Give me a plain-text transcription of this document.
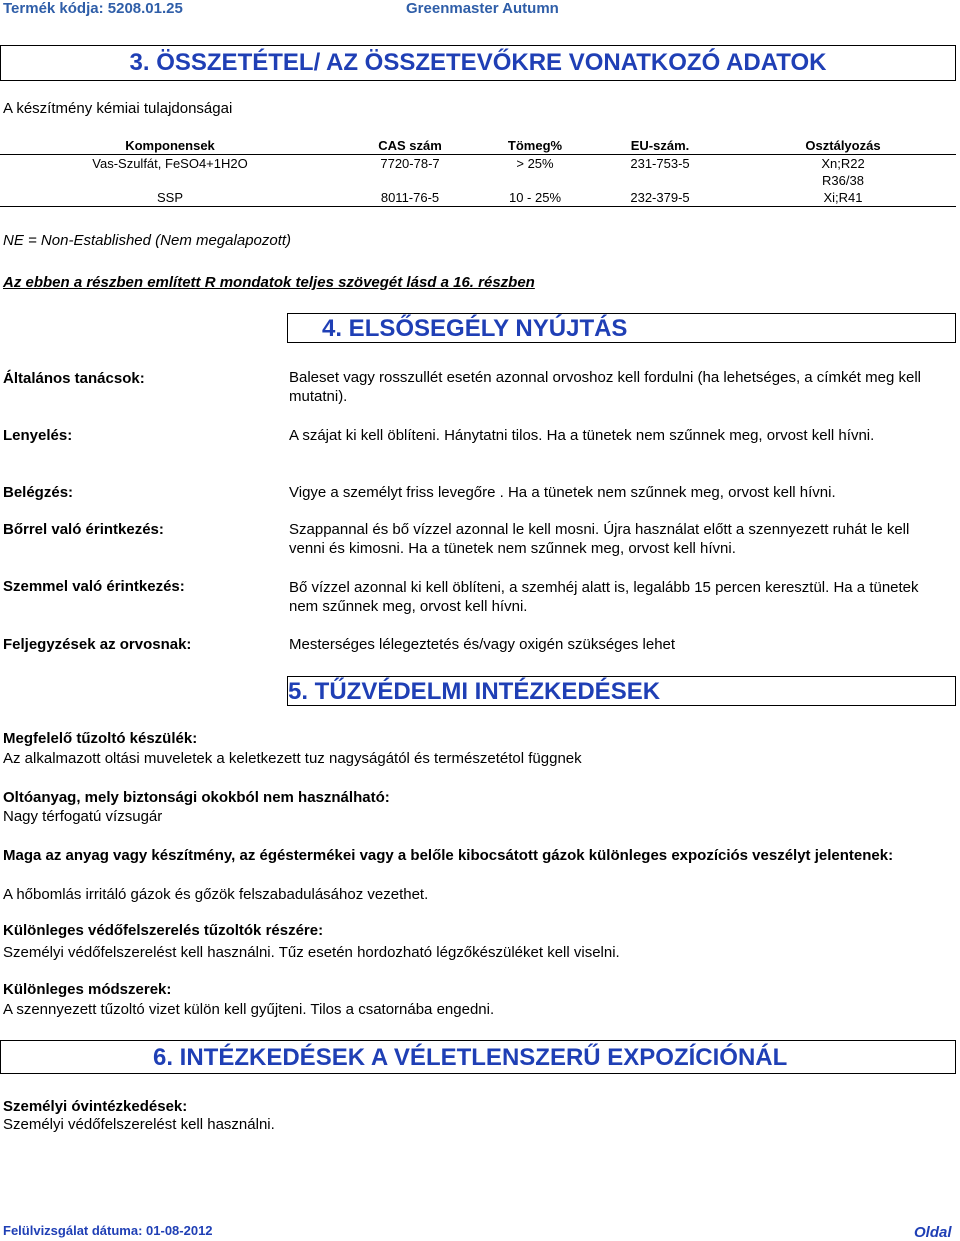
Termék kódja: 5208.01.25	Greenmaster Autumn
3. ÖSSZETÉTEL/ AZ ÖSSZETEVŐKRE VONATKOZÓ ADATOK
A készítmény kémiai tulajdonságai
Komponensek	CAS szám	Tömeg%	EU-szám.	Osztályozás
Vas-Szulfát, FeSO4+1H2O	7720-78-7	> 25%	231-753-5	Xn;R22
				R36/38
SSP	8011-76-5	10 - 25%	232-379-5	Xi;R41
NE = Non-Established (Nem megalapozott)
Az ebben a részben említett R mondatok teljes szövegét lásd a 16. részben
4. ELSŐSEGÉLY NYÚJTÁS
Általános tanácsok:	Baleset vagy rosszullét esetén azonnal orvoshoz kell fordulni (ha lehetséges, a címkét meg kell mutatni).
Lenyelés:	A szájat ki kell öblíteni. Hánytatni tilos. Ha a tünetek nem szűnnek meg, orvost kell hívni.
Belégzés:	Vigye a személyt friss levegőre . Ha a tünetek nem szűnnek meg, orvost kell hívni.
Bőrrel való érintkezés:	Szappannal és bő vízzel azonnal le kell mosni. Újra használat előtt a szennyezett ruhát le kell venni és kimosni. Ha a tünetek nem szűnnek meg, orvost kell hívni.
Szemmel való érintkezés:	Bő vízzel azonnal ki kell öblíteni, a szemhéj alatt is, legalább 15 percen keresztül. Ha a tünetek nem szűnnek meg, orvost kell hívni.
Feljegyzések az orvosnak:	Mesterséges lélegeztetés és/vagy oxigén szükséges lehet
5. TŰZVÉDELMI INTÉZKEDÉSEK
Megfelelő tűzoltó készülék:
Az alkalmazott oltási muveletek a keletkezett tuz nagyságától és természetétol függnek
Oltóanyag, mely biztonsági okokból nem használható:
Nagy térfogatú vízsugár
Maga az anyag vagy készítmény, az égéstermékei vagy a belőle kibocsátott gázok különleges expozíciós veszélyt jelentenek:
A hőbomlás irritáló gázok és gőzök felszabadulásához vezethet.
Különleges védőfelszerelés tűzoltók részére:
Személyi védőfelszerelést kell használni. Tűz esetén hordozható légzőkészüléket kell viselni.
Különleges módszerek:
A szennyezett tűzoltó vizet külön kell gyűjteni. Tilos a csatornába engedni.
6. INTÉZKEDÉSEK A VÉLETLENSZERŰ EXPOZÍCIÓNÁL
Személyi óvintézkedések:
Személyi védőfelszerelést kell használni.
Felülvizsgálat dátuma: 01-08-2012	Oldal
